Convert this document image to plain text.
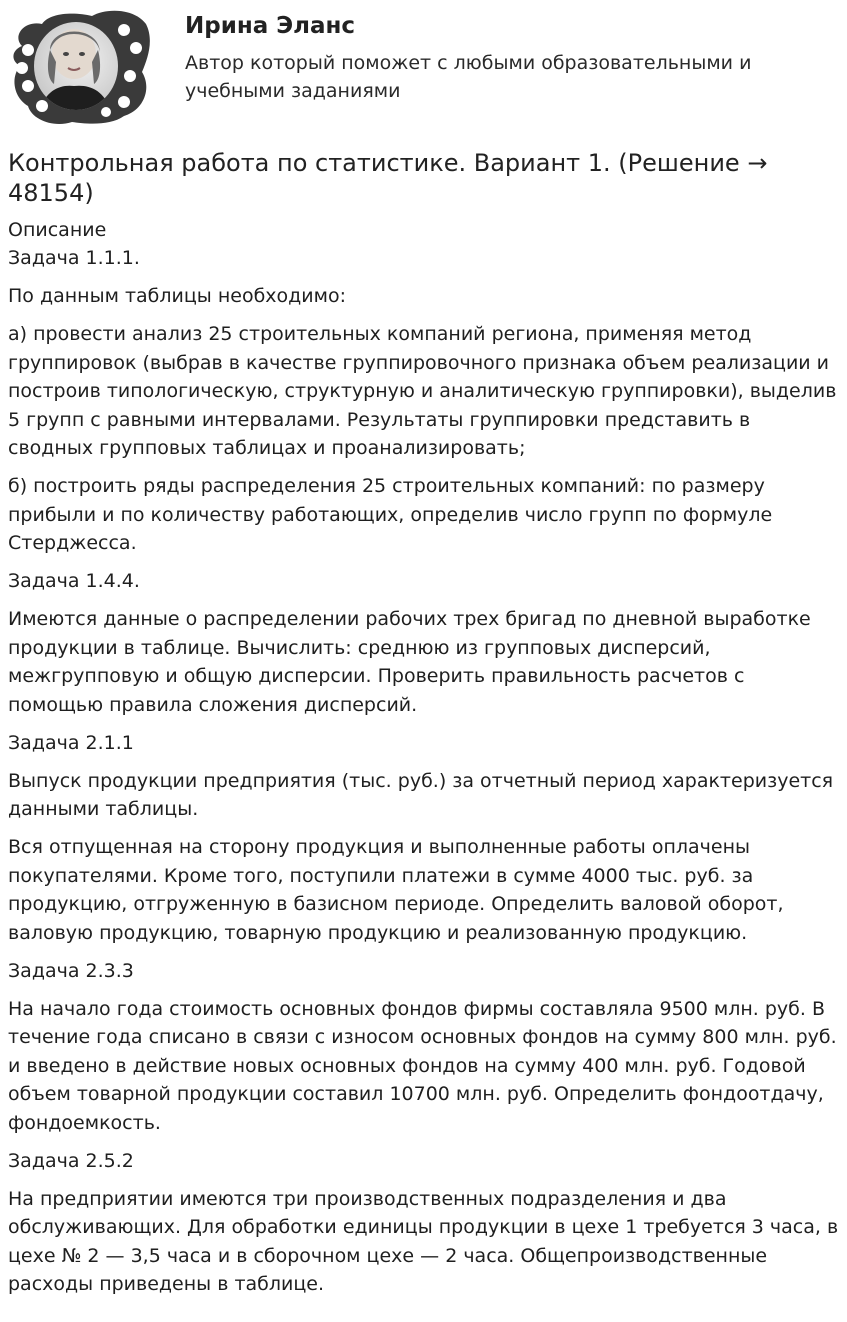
Ирина Эланс

Автор который поможет с любыми образовательными и учебными заданиями

Контрольная работа по статистике. Вариант 1. (Решение → 48154)
Описание

Задача 1.1.1.

По данным таблицы необходимо:

а) провести анализ 25 строительных компаний региона, применяя метод группировок (выбрав в качестве группировочного признака объем реализации и построив типологическую, структурную и аналитическую группировки), выделив 5 групп с равными интервалами. Результаты группировки представить в сводных групповых таблицах и проанализировать;

б) построить ряды распределения 25 строительных компаний: по размеру прибыли и по количеству работающих, определив число групп по формуле Стерджесса.

Задача 1.4.4.

Имеются данные о распределении рабочих трех бригад по дневной выработке продукции в таблице. Вычислить: среднюю из групповых дисперсий, межгрупповую и общую дисперсии. Проверить правильность расчетов с помощью правила сложения дисперсий.

Задача 2.1.1

Выпуск продукции предприятия (тыс. руб.) за отчетный период характеризуется данными таблицы.

Вся отпущенная на сторону продукция и выполненные работы оплачены покупателями. Кроме того, поступили платежи в сумме 4000 тыс. руб. за продукцию, отгруженную в базисном периоде. Определить валовой оборот, валовую продукцию, товарную продукцию и реализованную продукцию.

Задача 2.3.3

На начало года стоимость основных фондов фирмы составляла 9500 млн. руб. В течение года списано в связи с износом основных фондов на сумму 800 млн. руб. и введено в действие новых основных фондов на сумму 400 млн. руб. Годовой объем товарной продукции составил 10700 млн. руб. Определить фондоотдачу, фондоемкость.

Задача 2.5.2

На предприятии имеются три производственных подразделения и два обслуживающих. Для обработки единицы продукции в цехе 1 требуется 3 часа, в цехе № 2 — 3,5 часа и в сборочном цехе — 2 часа. Общепроизводственные расходы приведены в таблице.
